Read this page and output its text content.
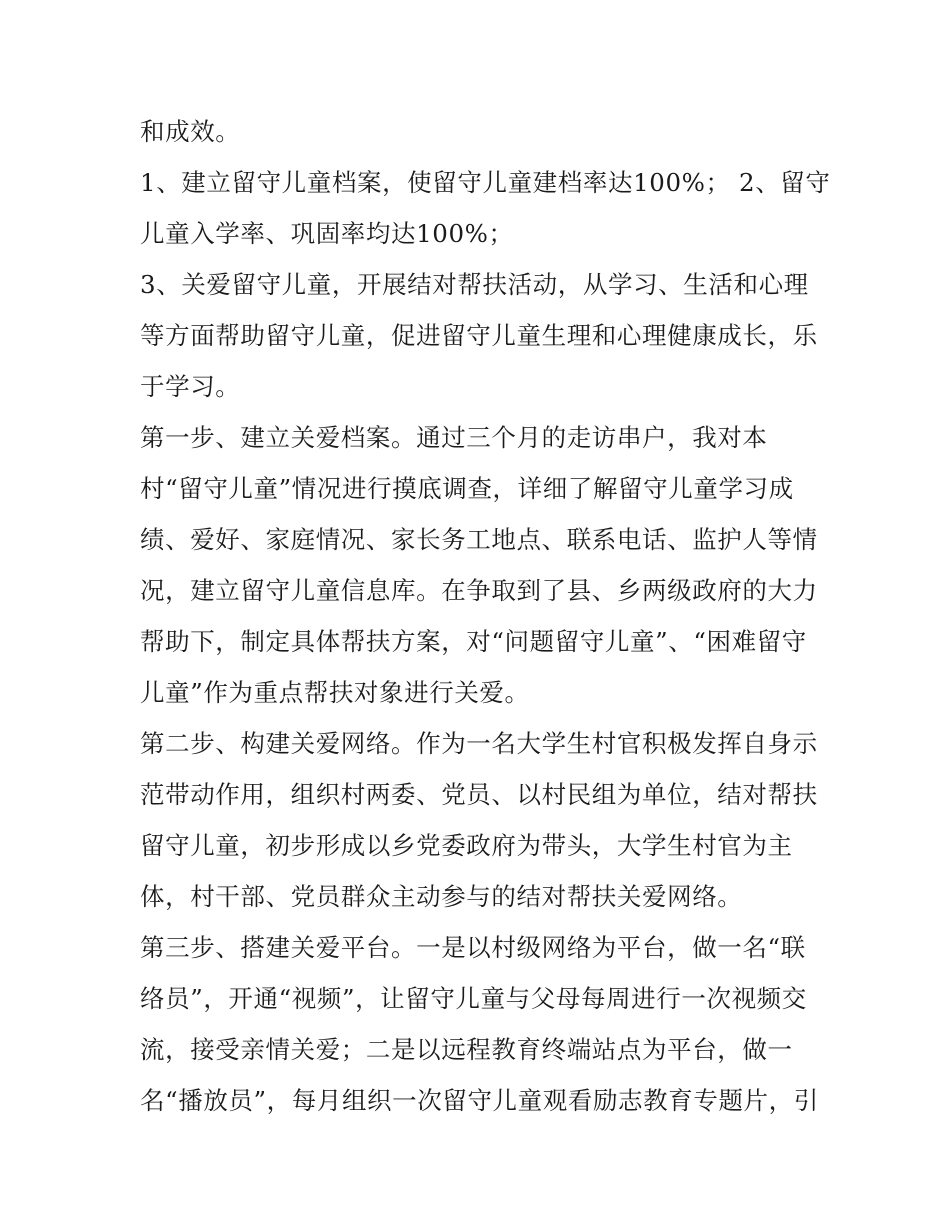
和成效。
1、建立留守儿童档案，使留守儿童建档率达100%； 2、留守
儿童入学率、巩固率均达100%；
3、关爱留守儿童，开展结对帮扶活动，从学习、生活和心理
等方面帮助留守儿童，促进留守儿童生理和心理健康成长，乐
于学习。
第一步、建立关爱档案。通过三个月的走访串户，我对本
村“留守儿童”情况进行摸底调查，详细了解留守儿童学习成
绩、爱好、家庭情况、家长务工地点、联系电话、监护人等情
况，建立留守儿童信息库。在争取到了县、乡两级政府的大力
帮助下，制定具体帮扶方案，对“问题留守儿童”、“困难留守
儿童”作为重点帮扶对象进行关爱。
第二步、构建关爱网络。作为一名大学生村官积极发挥自身示
范带动作用，组织村两委、党员、以村民组为单位，结对帮扶
留守儿童，初步形成以乡党委政府为带头，大学生村官为主
体，村干部、党员群众主动参与的结对帮扶关爱网络。
第三步、搭建关爱平台。一是以村级网络为平台，做一名“联
络员”，开通“视频”，让留守儿童与父母每周进行一次视频交
流，接受亲情关爱；二是以远程教育终端站点为平台，做一
名“播放员”，每月组织一次留守儿童观看励志教育专题片，引
